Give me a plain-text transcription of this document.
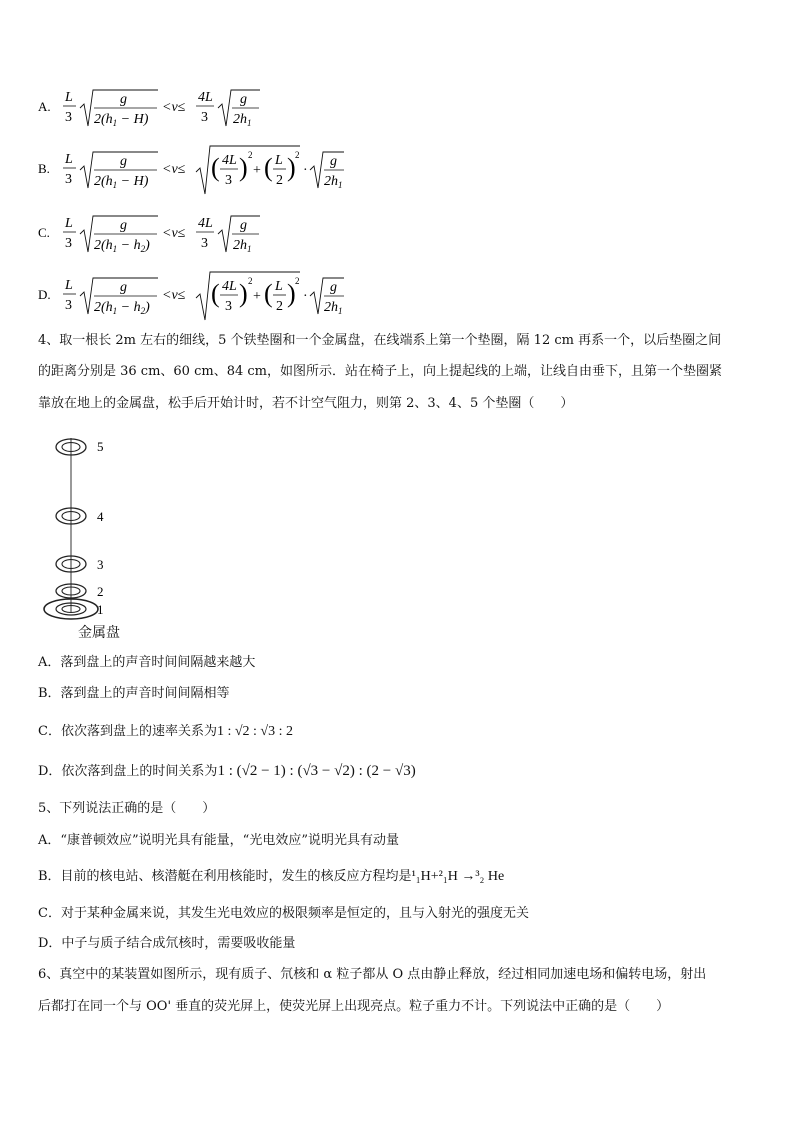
A.
L
3
g
$2(h_1 - H)$
<v≤
4L
3
g
$2h_1$
B.
L
3
g
$2(h_1 - H)$
<v≤ ( 4L
3 ) 2
+ ( L
2 ) 2
·
g
$2h_1$
C.
L
3
g
$2(h_1 - h_2)$
<v≤
4L
3
g
$2h_1$
D.
L
3
g
$2(h_1 - h_2)$
<v≤ ( 4L
3 ) 2
+ ( L
2 ) 2
·
g
$2h_1$
4、取一根长 2m 左右的细线，5 个铁垫圈和一个金属盘，在线端系上第一个垫圈，隔 12 cm 再系一个，以后垫圈之间
的距离分别是 36 cm、60 cm、84 cm，如图所示．站在椅子上，向上提起线的上端，让线自由垂下，且第一个垫圈紧
靠放在地上的金属盘，松手后开始计时，若不计空气阻力，则第 2、3、4、5 个垫圈（　　）
5
4
3
2
1
金属盘
A．落到盘上的声音时间间隔越来越大
B．落到盘上的声音时间间隔相等
C．依次落到盘上的速率关系为1 : √2 : √3 : 2
D．依次落到盘上的时间关系为1 : (√2 − 1) : (√3 − √2) : (2 − √3)
5、下列说法正确的是（　　）
A．“康普顿效应”说明光具有能量，“光电效应”说明光具有动量
B．目前的核电站、核潜艇在利用核能时，发生的核反应方程均是¹₁H+²₁H →³₂ He
C．对于某种金属来说，其发生光电效应的极限频率是恒定的，且与入射光的强度无关
D．中子与质子结合成氘核时，需要吸收能量
6、真空中的某装置如图所示，现有质子、氘核和 α 粒子都从 O 点由静止释放，经过相同加速电场和偏转电场，射出
后都打在同一个与 OO' 垂直的荧光屏上，使荧光屏上出现亮点。粒子重力不计。下列说法中正确的是（　　）
